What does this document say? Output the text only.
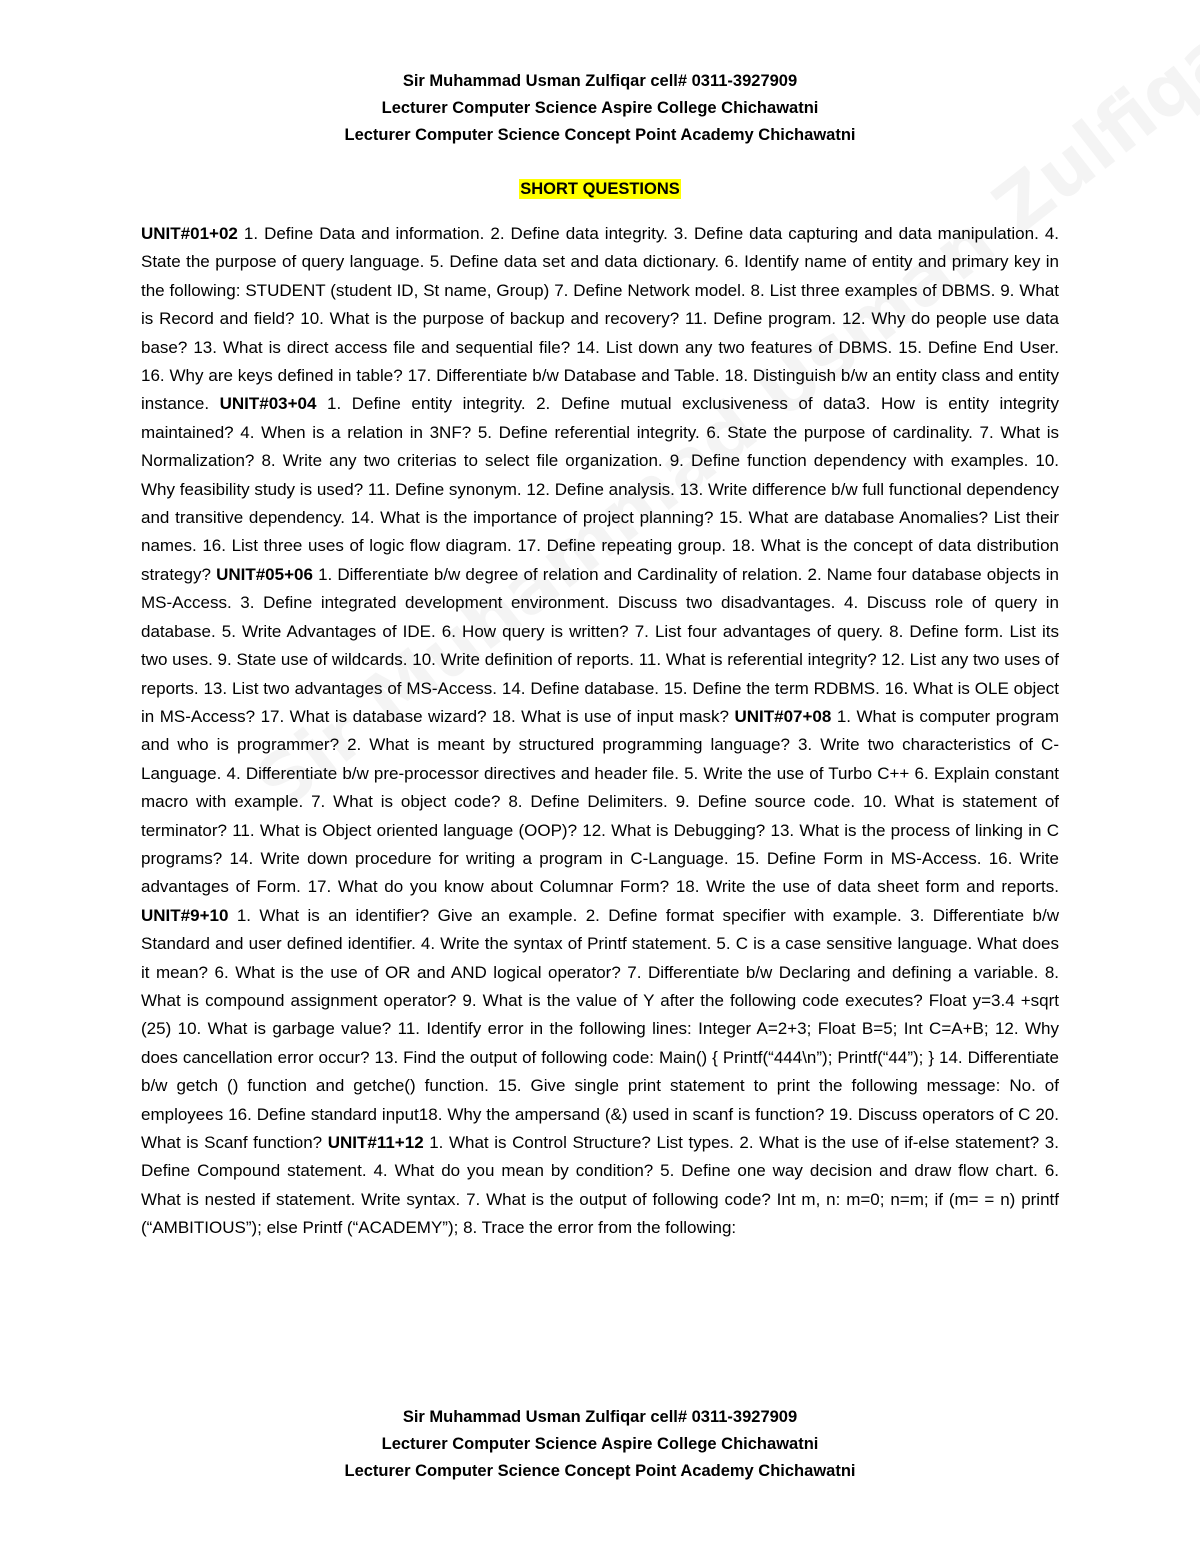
Sir Muhammad Usman Zulfiqar cell# 0311-3927909
Lecturer Computer Science Aspire College Chichawatni
Lecturer Computer Science Concept Point Academy Chichawatni
SHORT QUESTIONS
UNIT#01+02 1. Define Data and information. 2. Define data integrity. 3. Define data capturing and data manipulation. 4. State the purpose of query language. 5. Define data set and data dictionary. 6. Identify name of entity and primary key in the following: STUDENT (student ID, St name, Group) 7. Define Network model. 8. List three examples of DBMS. 9. What is Record and field? 10. What is the purpose of backup and recovery? 11. Define program. 12. Why do people use data base? 13. What is direct access file and sequential file? 14. List down any two features of DBMS. 15. Define End User. 16. Why are keys defined in table? 17. Differentiate b/w Database and Table. 18. Distinguish b/w an entity class and entity instance. UNIT#03+04 1. Define entity integrity. 2. Define mutual exclusiveness of data3. How is entity integrity maintained? 4. When is a relation in 3NF? 5. Define referential integrity. 6. State the purpose of cardinality. 7. What is Normalization? 8. Write any two criterias to select file organization. 9. Define function dependency with examples. 10. Why feasibility study is used? 11. Define synonym. 12. Define analysis. 13. Write difference b/w full functional dependency and transitive dependency. 14. What is the importance of project planning? 15. What are database Anomalies? List their names. 16. List three uses of logic flow diagram. 17. Define repeating group. 18. What is the concept of data distribution strategy? UNIT#05+06 1. Differentiate b/w degree of relation and Cardinality of relation. 2. Name four database objects in MS-Access. 3. Define integrated development environment. Discuss two disadvantages. 4. Discuss role of query in database. 5. Write Advantages of IDE. 6. How query is written? 7. List four advantages of query. 8. Define form. List its two uses. 9. State use of wildcards. 10. Write definition of reports. 11. What is referential integrity? 12. List any two uses of reports. 13. List two advantages of MS-Access. 14. Define database. 15. Define the term RDBMS. 16. What is OLE object in MS-Access? 17. What is database wizard? 18. What is use of input mask? UNIT#07+08 1. What is computer program and who is programmer? 2. What is meant by structured programming language? 3. Write two characteristics of C-Language. 4. Differentiate b/w pre-processor directives and header file. 5. Write the use of Turbo C++ 6. Explain constant macro with example. 7. What is object code? 8. Define Delimiters. 9. Define source code. 10. What is statement of terminator? 11. What is Object oriented language (OOP)? 12. What is Debugging? 13. What is the process of linking in C programs? 14. Write down procedure for writing a program in C-Language. 15. Define Form in MS-Access. 16. Write advantages of Form. 17. What do you know about Columnar Form? 18. Write the use of data sheet form and reports. UNIT#9+10 1. What is an identifier? Give an example. 2. Define format specifier with example. 3. Differentiate b/w Standard and user defined identifier. 4. Write the syntax of Printf statement. 5. C is a case sensitive language. What does it mean? 6. What is the use of OR and AND logical operator? 7. Differentiate b/w Declaring and defining a variable. 8. What is compound assignment operator? 9. What is the value of Y after the following code executes? Float y=3.4 +sqrt (25) 10. What is garbage value? 11. Identify error in the following lines: Integer A=2+3; Float B=5; Int C=A+B; 12. Why does cancellation error occur? 13. Find the output of following code: Main() { Printf(“444\n”); Printf(“44”); } 14. Differentiate b/w getch () function and getche() function. 15. Give single print statement to print the following message: No. of employees 16. Define standard input18. Why the ampersand (&) used in scanf is function? 19. Discuss operators of C 20. What is Scanf function? UNIT#11+12 1. What is Control Structure? List types. 2. What is the use of if-else statement? 3. Define Compound statement. 4. What do you mean by condition? 5. Define one way decision and draw flow chart. 6. What is nested if statement. Write syntax. 7. What is the output of following code? Int m, n: m=0; n=m; if (m= = n) printf (“AMBITIOUS”); else Printf (“ACADEMY”); 8. Trace the error from the following:
Sir Muhammad Usman Zulfiqar cell# 0311-3927909
Lecturer Computer Science Aspire College Chichawatni
Lecturer Computer Science Concept Point Academy Chichawatni
